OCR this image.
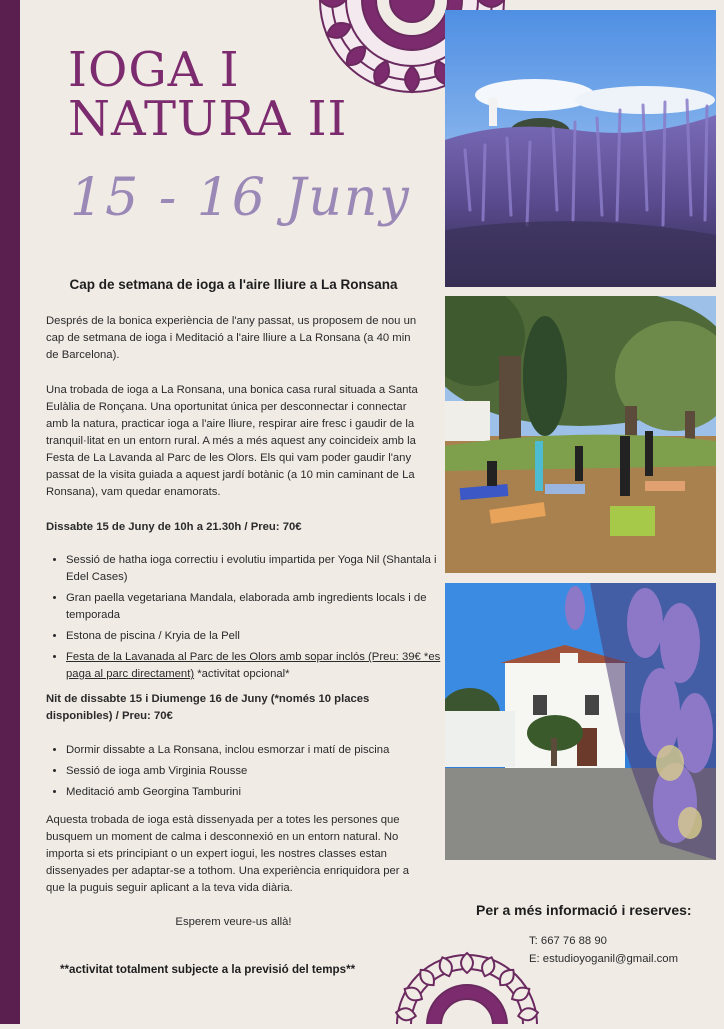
IOGA I
NATURA II
15 - 16 Juny
Cap de setmana de ioga a l'aire lliure a La Ronsana
Després de la bonica experiència de l'any passat, us proposem de nou un cap de setmana de ioga i Meditació a l'aire lliure a La Ronsana (a 40 min de Barcelona).
Una trobada de ioga a La Ronsana, una bonica casa rural situada a Santa Eulàlia de Ronçana. Una oportunitat única per desconnectar i connectar amb la natura, practicar ioga a l'aire lliure, respirar aire fresc i gaudir de la tranquil·litat en un entorn rural. A més a més aquest any coincideix amb la Festa de La Lavanda al Parc de les Olors. Els qui vam poder gaudir l'any passat de la visita guiada a aquest jardí botànic (a 10 min caminant de La Ronsana), vam quedar enamorats.
Dissabte 15 de Juny de 10h a 21.30h / Preu: 70€
• Sessió de hatha ioga correctiu i evolutiu impartida per Yoga Nil (Shantala i Edel Cases)
• Gran paella vegetariana Mandala, elaborada amb ingredients locals i de temporada
• Estona de piscina / Kryia de la Pell
• Festa de la Lavanada al Parc de les Olors amb sopar inclós (Preu: 39€ *es paga al parc directament) *activitat opcional*
Nit de dissabte 15 i Diumenge 16 de Juny (*només 10 places disponibles) / Preu: 70€
• Dormir dissabte a La Ronsana, inclou esmorzar i matí de piscina
• Sessió de ioga amb Virginia Rousse
• Meditació amb Georgina Tamburini
Aquesta trobada de ioga està dissenyada per a totes les persones que busquem un moment de calma i desconnexió en un entorn natural. No importa si ets principiant o un expert iogui, les nostres classes estan dissenyades per adaptar-se a tothom. Una experiència enriquidora per a que la puguis seguir aplicant a la teva vida diària.
Esperem veure-us allà!
**activitat totalment subjecte a la previsió del temps**
Per a més informació i reserves:
T: 667 76 88 90
E: estudioyoganil@gmail.com
